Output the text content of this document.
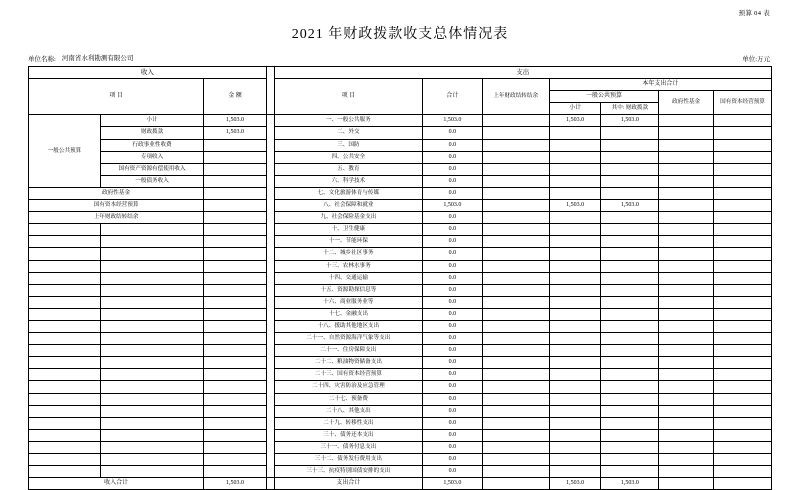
预算 04 表
2021 年财政拨款收支总体情况表
单位名称: 河南省水利勘测有限公司	单位:万元
收入				支出						
项 目		金 额		项 目	合计	上年财政结转结余	本年支出合计			
							一般公共预算		政府性基金	国有资本经营预算
							小计	其中: 财政拨款		
一般公共预算	小计	1,503.0		一、一般公共服务	1,503.0		1,503.0	1,503.0		
	财政拨款	1,503.0		二、外交	0.0					
	行政事业性收费			三、国防	0.0					
	专项收入			四、公共安全	0.0					
	国有资产资源有偿使用收入			五、教育	0.0					
	一般债务收入			六、科学技术	0.0					
政府性基金				七、文化旅游体育与传媒	0.0					
国有资本经营预算				八、社会保障和就业	1,503.0		1,503.0	1,503.0		
上年财政结转结余				九、社会保险基金支出	0.0					
				十、卫生健康	0.0					
				十一、节能环保	0.0					
				十二、城乡社区事务	0.0					
				十三、农林水事务	0.0					
				十四、交通运输	0.0					
				十五、资源勘探信息等	0.0					
				十六、商业服务业等	0.0					
				十七、金融支出	0.0					
				十八、援助其他地区支出	0.0					
				二十一、自然资源海洋气象等支出	0.0					
				二十一、住房保障支出	0.0					
				二十二、粮油物资储备支出	0.0					
				二十三、国有资本经营预算	0.0					
				二十四、灾害防治及应急管理	0.0					
				二十七、预备费	0.0					
				二十八、其他支出	0.0					
				二十九、转移性支出	0.0					
				三十、债务还本支出	0.0					
				三十一、债务付息支出	0.0					
				三十二、债务发行费用支出	0.0					
				三十三、抗疫特别国债安排的支出	0.0					
收入合计		1,503.0		支出合计	1,503.0		1,503.0	1,503.0		
